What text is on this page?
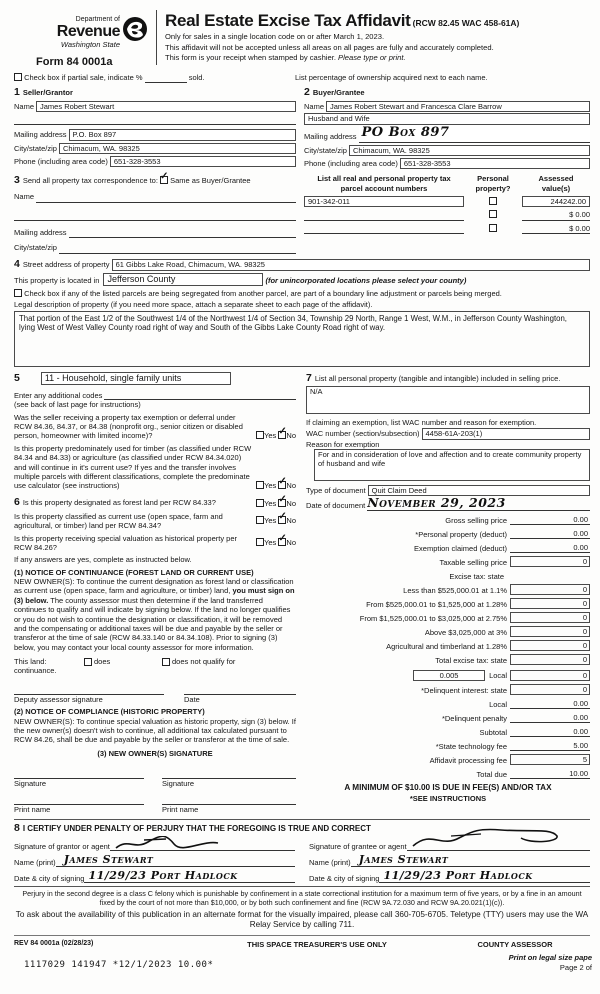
Department of
Revenue
Washington State
Form 84 0001a
Real Estate Excise Tax Affidavit (RCW 82.45 WAC 458-61A)
Only for sales in a single location code on or after March 1, 2023.
This affidavit will not be accepted unless all areas on all pages are fully and accurately completed.
This form is your receipt when stamped by cashier. Please type or print.
Check box if partial sale, indicate %	sold.	List percentage of ownership acquired next to each name.
1 Seller/Grantor
Name James Robert Stewart
Mailing address P.O. Box 897
City/state/zip Chimacum, WA. 98325
Phone (including area code) 651-328-3553
2 Buyer/Grantee
Name James Robert Stewart and Francesca Clare Barrow
Husband and Wife
Mailing address PO Box 897
City/state/zip Chimacum, WA. 98325
Phone (including area code) 651-328-3553
3 Send all property tax correspondence to: ✓ Same as Buyer/Grantee
Name
Mailing address
City/state/zip
List all real and personal property tax
parcel account numbers
Personal
property?
Assessed
value(s)
901-342-011	244242.00
$ 0.00
$ 0.00
4 Street address of property 61 Gibbs Lake Road, Chimacum, WA. 98325
This property is located in Jefferson County	(for unincorporated locations please select your county)
Check box if any of the listed parcels are being segregated from another parcel, are part of a boundary line adjustment or parcels being merged.
Legal description of property (if you need more space, attach a separate sheet to each page of the affidavit).
That portion of the East 1/2 of the Southwest 1/4 of the Northwest 1/4 of Section 34, Township 29 North, Range 1 West, W.M., in Jefferson County Washington, lying West of West Valley County road right of way and South of the Gibbs Lake County Road right of way.
5	11 - Household, single family units
Enter any additional codes
(see back of last page for instructions)
Was the seller receiving a property tax exemption or deferral under RCW 84.36, 84.37, or 84.38 (nonprofit org., senior citizen or disabled person, homeowner with limited income)?	Yes ✓ No
Is this property predominately used for timber (as classified under RCW 84.34 and 84.33) or agriculture (as classified under RCW 84.34.020) and will continue in it's current use? If yes and the transfer involves multiple parcels with different classifications, complete the predominate use calculator (see instructions)	Yes ✓ No
6 Is this property designated as forest land per RCW 84.33?	Yes ✓ No
Is this property classified as current use (open space, farm and agricultural, or timber) land per RCW 84.34?
Yes ✓ No
Is this property receiving special valuation as historical property per RCW 84.26?
Yes ✓ No
If any answers are yes, complete as instructed below.
(1) NOTICE OF CONTINUANCE (FOREST LAND OR CURRENT USE)
NEW OWNER(S): To continue the current designation as forest land or classification as current use (open space, farm and agriculture, or timber) land, you must sign on (3) below. The county assessor must then determine if the land transferred continues to qualify and will indicate by signing below. If the land no longer qualifies or you do not wish to continue the designation or classification, it will be removed and the compensating or additional taxes will be due and payable by the seller or transferor at the time of sale (RCW 84.33.140 or 84.34.108). Prior to signing (3) below, you may contact your local county assessor for more information.
This land:	does	does not qualify for
continuance.
Deputy assessor signature	Date
(2) NOTICE OF COMPLIANCE (HISTORIC PROPERTY)
NEW OWNER(S): To continue special valuation as historic property, sign (3) below. If the new owner(s) doesn't wish to continue, all additional tax calculated pursuant to RCW 84.26, shall be due and payable by the seller or transferor at the time of sale.
(3) NEW OWNER(S) SIGNATURE
Signature	Signature
Print name	Print name
7 List all personal property (tangible and intangible) included in selling price.
N/A
If claiming an exemption, list WAC number and reason for exemption.
WAC number (section/subsection) 4458-61A-203(1)
Reason for exemption
For and in consideration of love and affection and to create community property of husband and wife
Type of document Quit Claim Deed
Date of document November 29, 2023
Gross selling price	0.00
*Personal property (deduct)	0.00
Exemption claimed (deduct)	0.00
Taxable selling price	0
Excise tax: state
Less than $525,000.01 at 1.1%	0
From $525,000.01 to $1,525,000 at 1.28%	0
From $1,525,000.01 to $3,025,000 at 2.75%	0
Above $3,025,000 at 3%	0
Agricultural and timberland at 1.28%	0
Total excise tax: state	0
0.005	Local	0
*Delinquent interest: state	0
Local	0.00
*Delinquent penalty	0.00
Subtotal	0.00
*State technology fee	5.00
Affidavit processing fee	5
Total due	10.00
A MINIMUM OF $10.00 IS DUE IN FEE(S) AND/OR TAX
*SEE INSTRUCTIONS
8 I CERTIFY UNDER PENALTY OF PERJURY THAT THE FOREGOING IS TRUE AND CORRECT
Signature of grantor or agent
Name (print) James Stewart
Date & city of signing 11/29/23 Port Hadlock
Signature of grantee or agent
Name (print) James Stewart
Date & city of signing 11/29/23 Port Hadlock
Perjury in the second degree is a class C felony which is punishable by confinement in a state correctional institution for a maximum term of five years, or by a fine in an amount fixed by the court of not more than $10,000, or by both such confinement and fine (RCW 9A.72.030 and RCW 9A.20.021(1)(c)).
To ask about the availability of this publication in an alternate format for the visually impaired, please call 360-705-6705. Teletype (TTY) users may use the WA Relay Service by calling 711.
REV 84 0001a (02/28/23)	THIS SPACE TREASURER'S USE ONLY	COUNTY ASSESSOR
1117029 141947 *12/1/2023 10.00*
Print on legal size pape
Page 2 of
